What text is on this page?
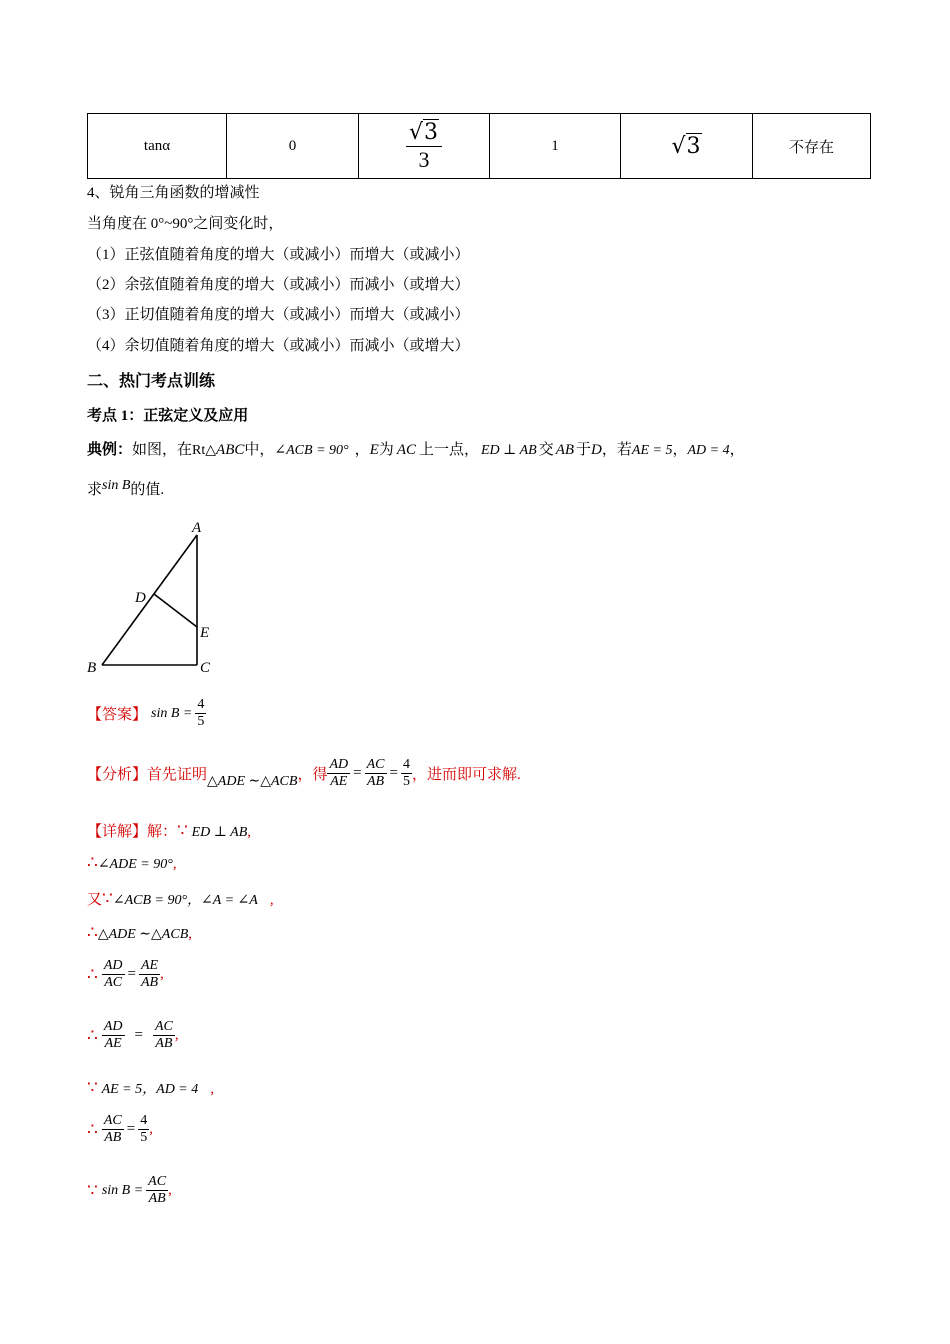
tanα	0	$\frac{√3}{3}$	1	√3	不存在
4、锐角三角函数的增减性
当角度在 0°~90°之间变化时，
（1）正弦值随着角度的增大（或减小）而增大（或减小）
（2）余弦值随着角度的增大（或减小）而减小（或增大）
（3）正切值随着角度的增大（或减小）而增大（或减小）
（4）余切值随着角度的增大（或减小）而减小（或增大）
二、热门考点训练
考点 1：正弦定义及应用
典例：如图，在Rt△ABC中，∠ACB = 90° ，E为 AC 上一点， ED ⊥ AB 交 AB 于D，若AE = 5，AD = 4，
求sin B的值.
A
D
E
B	C
【答案】 $\sin B = \frac{4}{5}$
【分析】 首先证明 △ADE ∼△ACB ，得 $\frac{AD}{AE} = \frac{AC}{AB} = \frac{4}{5}$ ，进而即可求解.
【详解】解：∵ ED ⊥ AB,
∴∠ADE = 90°,
又∵∠ACB = 90°，∠A = ∠A ,
∴△ADE ∼△ACB,
∴ $\frac{AD}{AC} = \frac{AE}{AB}$ ,
∴ $\frac{AD}{AE} = \frac{AC}{AB}$ ,
∵ AE = 5，AD = 4 ,
∴ $\frac{AC}{AB} = \frac{4}{5}$ ,
∵ $\sin B = \frac{AC}{AB}$ ,
